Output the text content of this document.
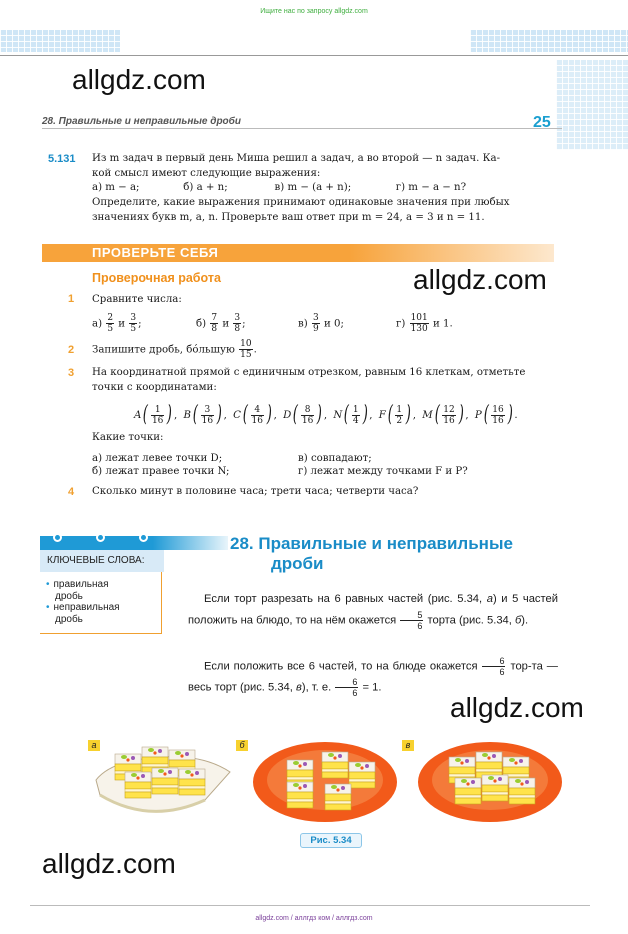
Ищите нас по запросу allgdz.com
allgdz.com
allgdz.com
allgdz.com
allgdz.com
28. Правильные и неправильные дроби	25
5.131 Из m задач в первый день Миша решил a задач, а во второй — n задач. Ка-
кой смысл имеют следующие выражения:
а) m − a;	б) a + n;	в) m − (a + n);	г) m − a − n?
Определите, какие выражения принимают одинаковые значения при любых
значениях букв m, a, n. Проверьте ваш ответ при m = 24, a = 3 и n = 11.
ПРОВЕРЬТЕ СЕБЯ
Проверочная работа
1 Сравните числа:
$а) \frac{2}{5}$ и $\frac{3}{5}$ ;	$б) \frac{7}{8}$ и $\frac{3}{8}$ ;	$в) \frac{3}{9}$ и 0;	$г) \frac{101}{130}$ и 1.
2 Запишите дробь, бóльшую $\frac{10}{15}$ .
3 На координатной прямой с единичным отрезком, равным 16 клеткам, отметьте
точки с координатами:
A ( $\frac{1}{16}$ ) ,
B ( $\frac{3}{16}$ ) ,
C ( $\frac{4}{16}$ ) ,
D ( $\frac{8}{16}$ ) ,
N ( $\frac{1}{4}$ ) ,
F ( $\frac{1}{2}$ ) ,
M ( $\frac{12}{16}$ ) ,
P ( $\frac{16}{16}$ ) .
Какие точки:
а) лежат левее точки D;
б) лежат правее точки N;
в) совпадают;
г) лежат между точками F и P?
4 Сколько минут в половине часа; трети часа; четверти часа?
КЛЮЧЕВЫЕ СЛОВА:
• правильная
дробь
• неправильная
дробь
28. Правильные и неправильные
дроби
Если торт разрезать на 6 равных частей (рис. 5.34, а) и 5 частей положить на блюдо, то на нём окажется $\frac{5}{6}$ торта (рис. 5.34, б).
Если положить все 6 частей, то на блюде окажется $\frac{6}{6} тор-та$ — весь торт (рис. 5.34, в), т. е. $\frac{6}{6} = 1$.
а	б	в
Рис. 5.34
allgdz.com / аллгдз ком / аллгдз.com
